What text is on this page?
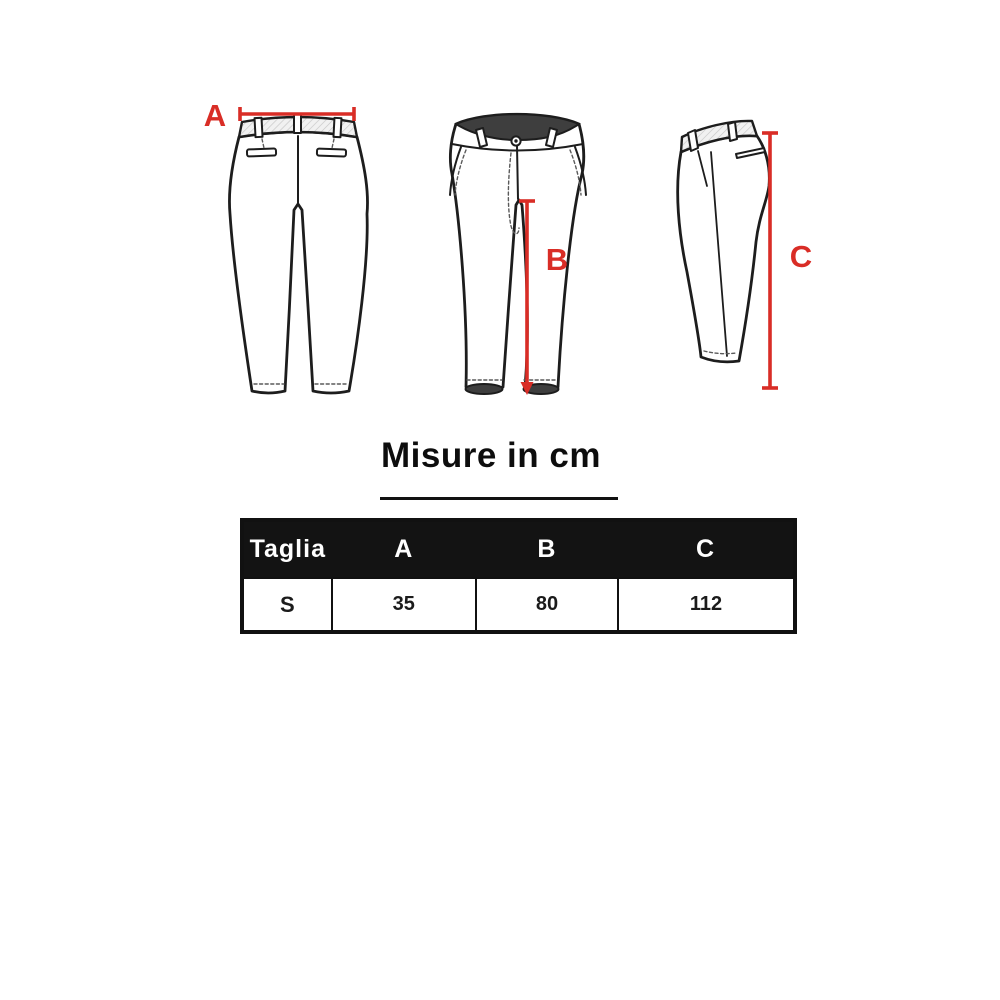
A
B	C
Misure in cm
Taglia	A	B	C
S	35	80	112
